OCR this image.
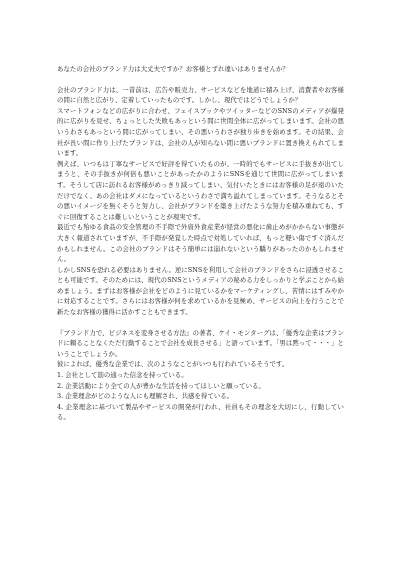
あなたの会社のブランド力は大丈夫ですか？お客様とずれ違いはありませんか？

会社のブランド力は、一昔前は、広告や販売力、サービスなどを地道に積み上げ、消費者やお客様の間に自然と広がり、定着していったものです。しかし、現代ではどうでしょうか？

スマートフォンなどの広がりに合わせ、フェイスブックやツイッターなどのSNSのメディアが爆発的に広がりを見せ、ちょっとした失敗もあっという間に世間全体に広がってしまいます。会社の悪いうわさもあっという間に広がってしまい、その悪いうわさが独り歩きを始めます。その結果、会社が長い間に作り上げたブランドは、会社の人が知らない間に悪いブランドに置き換えられてしまいます。

例えば、いつもは丁寧なサービスで好評を得ていたものが、一時的でもサービスに手抜きが出てしまうと、その手抜きが何倍も悪いことがあったかのようにSNSを通じて世間に広がってしまいます。そうして店に訪れるお客様がめっきり減ってしまい、気付いたときにはお客様の足が遠のいただけでなく、あの会社はダメになっているというわさで満ち溢れてしまっています。そうなるとその悪いイメージを無くそうと努力し、会社がブランドを築き上げたような努力を積み重ねても、すぐに回復することは難しいということが現実です。

最近でも殆ゆる食品の安全管理の不手際で外資外食産業が経営の悪化に歯止めがかからない事態が大きく報道されていますが、不手際が発覚した時点で対処していれば、もっと軽い傷ですぐ済んだかもしれません。この会社のブランドはそう簡単には崩れないという驕りがあったのかもしれません。

しかしSNSを恐れる必要はありません。逆にSNSを利用して会社のブランドをさらに浸透させることも可能です。そのためには、現代のSNSというメディアの秘める力をしっかりと学ぶことから始めましょう。まずはお客様が会社をどのように見ているかをマーケティングし、苦情にはすみやかに対応することです。さらにはお客様が何を求めているかを見極め、サービスの向上を行うことで新たなお客様の獲得に活かすこともできます。

『ブランド力で、ビジネスを変身させる方法』の著者、ケイ・モンターグは、「優秀な企業はブランドに頼ることなくただ行動することで会社を成長させる」と語っています。「男は黙って・・・」ということでしょうか。

彼によれば、優秀な企業では、次のようなことがいつも行われているそうです。

1. 会社として筋の通った信念を持っている。
2. 企業活動により全ての人が豊かな生活を持ってほしいと願っている。
3. 企業理念がどのような人にも理解され、共感を得ている。
4. 企業理念に基づいて製品やサービスの開発が行われ、社員もその理念を大切にし、行動している。
